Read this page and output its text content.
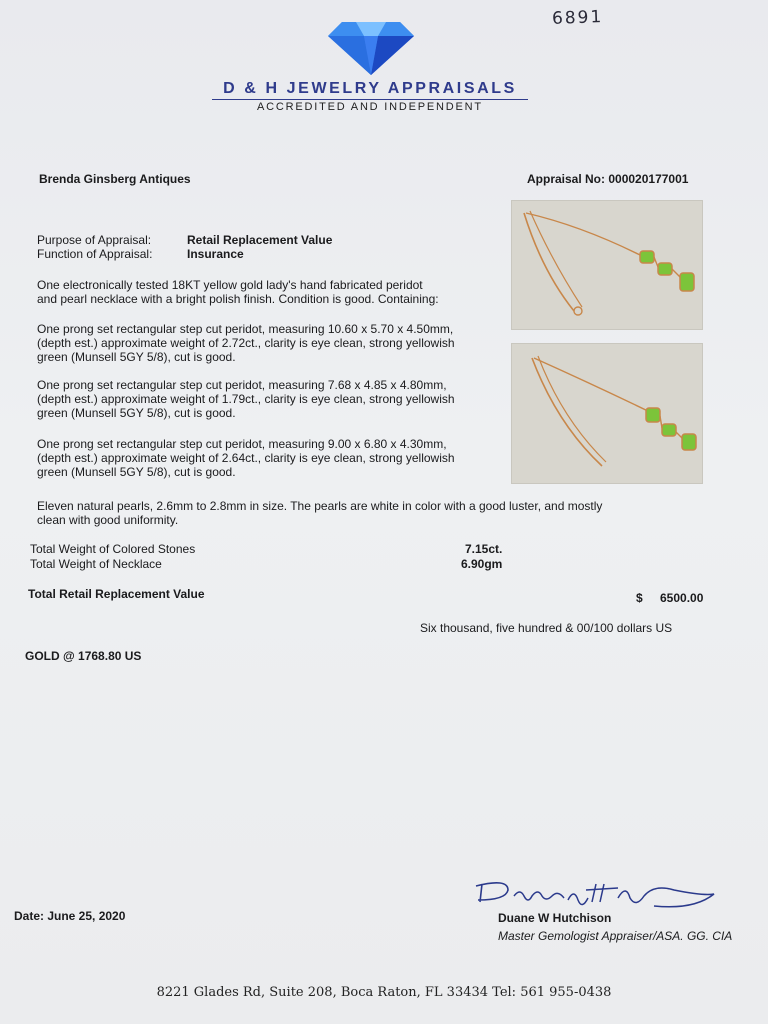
6891
D & H JEWELRY APPRAISALS
ACCREDITED AND INDEPENDENT
Brenda Ginsberg Antiques	Appraisal No: 000020177001
Purpose of Appraisal:	Retail Replacement Value
Function of Appraisal:	Insurance
One electronically tested 18KT yellow gold lady's hand fabricated peridot
and pearl necklace with a bright polish finish. Condition is good. Containing:
One prong set rectangular step cut peridot, measuring 10.60 x 5.70 x 4.50mm,
(depth est.) approximate weight of 2.72ct., clarity is eye clean, strong yellowish
green (Munsell 5GY 5/8), cut is good.
One prong set rectangular step cut peridot, measuring 7.68 x 4.85 x 4.80mm,
(depth est.) approximate weight of 1.79ct., clarity is eye clean, strong yellowish
green (Munsell 5GY 5/8), cut is good.
One prong set rectangular step cut peridot, measuring 9.00 x 6.80 x 4.30mm,
(depth est.) approximate weight of 2.64ct., clarity is eye clean, strong yellowish
green (Munsell 5GY 5/8), cut is good.
Eleven natural pearls, 2.6mm to 2.8mm in size. The pearls are white in color with a good luster, and mostly
clean with good uniformity.
Total Weight of Colored Stones	7.15ct.
Total Weight of Necklace	6.90gm
Total Retail Replacement Value	$ 6500.00
Six thousand, five hundred & 00/100 dollars US
GOLD @ 1768.80 US
Date: June 25, 2020	Duane W Hutchison
Master Gemologist Appraiser/ASA. GG. CIA
8221 Glades Rd, Suite 208, Boca Raton, FL 33434 Tel: 561 955-0438
